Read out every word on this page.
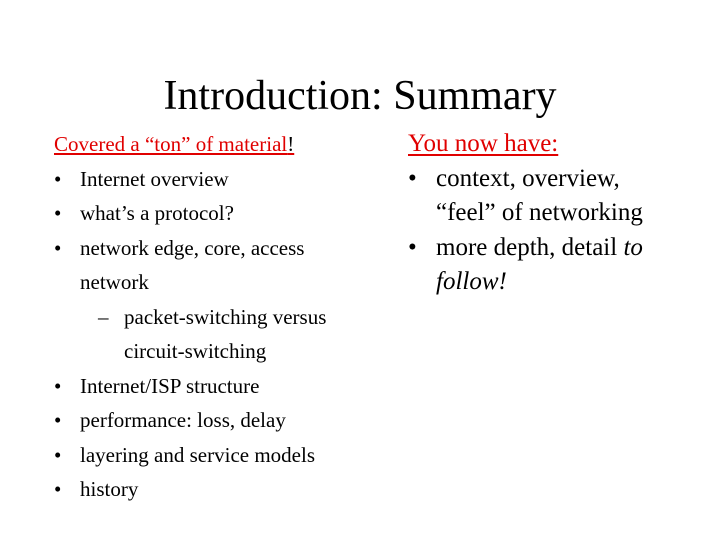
Introduction: Summary
Covered a “ton” of material!
• Internet overview
• what’s a protocol?
• network edge, core, access
network
– packet-switching versus
circuit-switching
• Internet/ISP structure
• performance: loss, delay
• layering and service models
• history
You now have:
• context, overview,
“feel” of networking
• more depth, detail to
follow!
